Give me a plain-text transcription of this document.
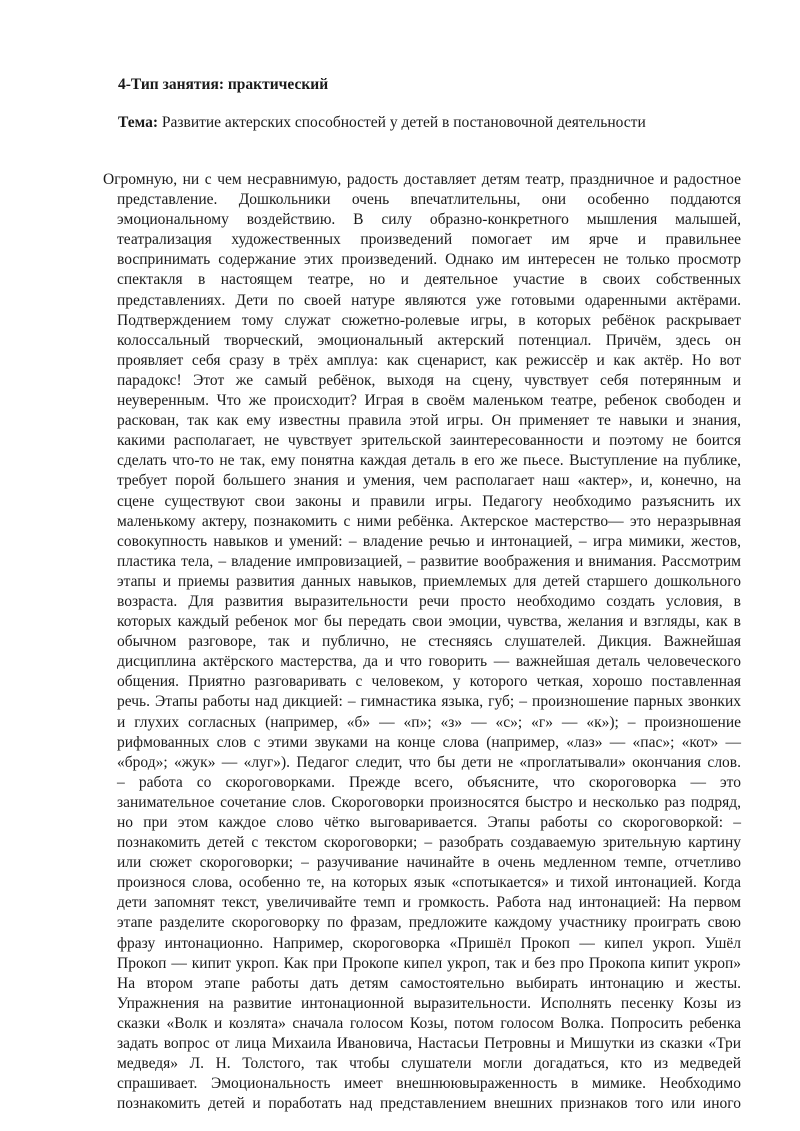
4-Тип занятия: практический
Тема: Развитие актерских способностей у детей в постановочной деятельности
Огромную, ни с чем несравнимую, радость доставляет детям театр, праздничное и радостное
представление. Дошкольники очень впечатлительны, они особенно поддаются
эмоциональному воздействию. В силу образно-конкретного мышления малышей,
театрализация художественных произведений помогает им ярче и правильнее
воспринимать содержание этих произведений. Однако им интересен не только просмотр
спектакля в настоящем театре, но и деятельное участие в своих собственных
представлениях. Дети по своей натуре являются уже готовыми одаренными актёрами.
Подтверждением тому служат сюжетно-ролевые игры, в которых ребёнок раскрывает
колоссальный творческий, эмоциональный актерский потенциал. Причём, здесь он
проявляет себя сразу в трёх амплуа: как сценарист, как режиссёр и как актёр. Но вот
парадокс! Этот же самый ребёнок, выходя на сцену, чувствует себя потерянным и
неуверенным. Что же происходит? Играя в своём маленьком театре, ребенок свободен и
раскован, так как ему известны правила этой игры. Он применяет те навыки и знания,
какими располагает, не чувствует зрительской заинтересованности и поэтому не боится
сделать что-то не так, ему понятна каждая деталь в его же пьесе. Выступление на публике,
требует порой большего знания и умения, чем располагает наш «актер», и, конечно, на
сцене существуют свои законы и правили игры. Педагогу необходимо разъяснить их
маленькому актеру, познакомить с ними ребёнка. Актерское мастерство— это неразрывная
совокупность навыков и умений: – владение речью и интонацией, – игра мимики, жестов,
пластика тела, – владение импровизацией, – развитие воображения и внимания. Рассмотрим
этапы и приемы развития данных навыков, приемлемых для детей старшего дошкольного
возраста. Для развития выразительности речи просто необходимо создать условия, в
которых каждый ребенок мог бы передать свои эмоции, чувства, желания и взгляды, как в
обычном разговоре, так и публично, не стесняясь слушателей. Дикция. Важнейшая
дисциплина актёрского мастерства, да и что говорить — важнейшая деталь человеческого
общения. Приятно разговаривать с человеком, у которого четкая, хорошо поставленная
речь. Этапы работы над дикцией: – гимнастика языка, губ; – произношение парных звонких
и глухих согласных (например, «б» — «п»; «з» — «с»; «г» — «к»); – произношение
рифмованных слов с этими звуками на конце слова (например, «лаз» — «пас»; «кот» —
«брод»; «жук» — «луг»). Педагог следит, что бы дети не «проглатывали» окончания слов.
– работа со скороговорками. Прежде всего, объясните, что скороговорка — это
занимательное сочетание слов. Скороговорки произносятся быстро и несколько раз подряд,
но при этом каждое слово чётко выговаривается. Этапы работы со скороговоркой: –
познакомить детей с текстом скороговорки; – разобрать создаваемую зрительную картину
или сюжет скороговорки; – разучивание начинайте в очень медленном темпе, отчетливо
произнося слова, особенно те, на которых язык «спотыкается» и тихой интонацией. Когда
дети запомнят текст, увеличивайте темп и громкость. Работа над интонацией: На первом
этапе разделите скороговорку по фразам, предложите каждому участнику проиграть свою
фразу интонационно. Например, скороговорка «Пришёл Прокоп — кипел укроп. Ушёл
Прокоп — кипит укроп. Как при Прокопе кипел укроп, так и без про Прокопа кипит укроп»
На втором этапе работы дать детям самостоятельно выбирать интонацию и жесты.
Упражнения на развитие интонационной выразительности. Исполнять песенку Козы из
сказки «Волк и козлята» сначала голосом Козы, потом голосом Волка. Попросить ребенка
задать вопрос от лица Михаила Ивановича, Настасьи Петровны и Мишутки из сказки «Три
медведя» Л. Н. Толстого, так чтобы слушатели могли догадаться, кто из медведей
спрашивает. Эмоциональность имеет внешнюювыраженность в мимике. Необходимо
познакомить детей и поработать над представлением внешних признаков того или иного
